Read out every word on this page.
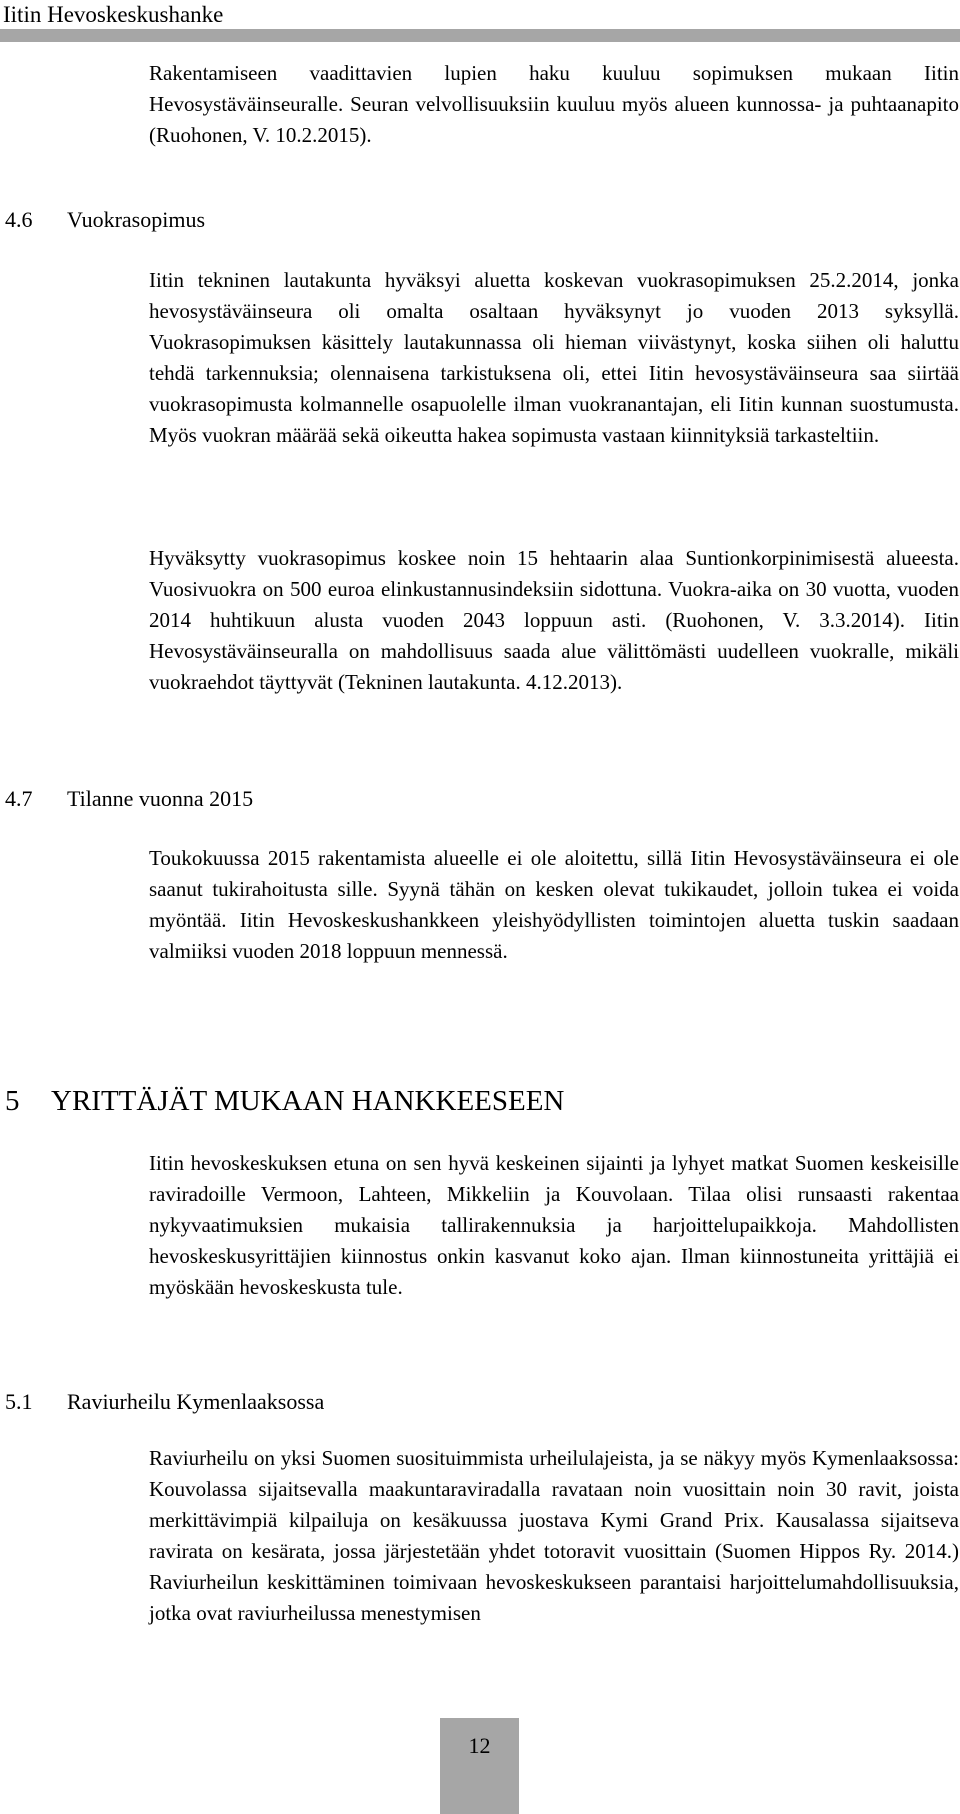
Iitin Hevoskeskushanke

Rakentamiseen vaadittavien lupien haku kuuluu sopimuksen mukaan Iitin Hevosystäväinseuralle. Seuran velvollisuuksiin kuuluu myös alueen kunnossa- ja puhtaanapito (Ruohonen, V. 10.2.2015).

4.6 Vuokrasopimus

Iitin tekninen lautakunta hyväksyi aluetta koskevan vuokrasopimuksen 25.2.2014, jonka hevosystäväinseura oli omalta osaltaan hyväksynyt jo vuoden 2013 syksyllä. Vuokrasopimuksen käsittely lautakunnassa oli hieman viivästynyt, koska siihen oli haluttu tehdä tarkennuksia; olennaisena tarkistuksena oli, ettei Iitin hevosystäväinseura saa siirtää vuokrasopimusta kolmannelle osapuolelle ilman vuokranantajan, eli Iitin kunnan suostumusta. Myös vuokran määrää sekä oikeutta hakea sopimusta vastaan kiinnityksiä tarkasteltiin.

Hyväksytty vuokrasopimus koskee noin 15 hehtaarin alaa Suntionkorpinimisestä alueesta. Vuosivuokra on 500 euroa elinkustannusindeksiin sidottuna. Vuokra-aika on 30 vuotta, vuoden 2014 huhtikuun alusta vuoden 2043 loppuun asti. (Ruohonen, V. 3.3.2014). Iitin Hevosystäväinseuralla on mahdollisuus saada alue välittömästi uudelleen vuokralle, mikäli vuokraehdot täyttyvät (Tekninen lautakunta. 4.12.2013).

4.7 Tilanne vuonna 2015

Toukokuussa 2015 rakentamista alueelle ei ole aloitettu, sillä Iitin Hevosystäväinseura ei ole saanut tukirahoitusta sille. Syynä tähän on kesken olevat tukikaudet, jolloin tukea ei voida myöntää. Iitin Hevoskeskushankkeen yleishyödyllisten toimintojen aluetta tuskin saadaan valmiiksi vuoden 2018 loppuun mennessä.

5 YRITTÄJÄT MUKAAN HANKKEESEEN

Iitin hevoskeskuksen etuna on sen hyvä keskeinen sijainti ja lyhyet matkat Suomen keskeisille raviradoille Vermoon, Lahteen, Mikkeliin ja Kouvolaan. Tilaa olisi runsaasti rakentaa nykyvaatimuksien mukaisia tallirakennuksia ja harjoittelupaikkoja. Mahdollisten hevoskeskusyrittäjien kiinnostus onkin kasvanut koko ajan. Ilman kiinnostuneita yrittäjiä ei myöskään hevoskeskusta tule.

5.1 Raviurheilu Kymenlaaksossa

Raviurheilu on yksi Suomen suosituimmista urheilulajeista, ja se näkyy myös Kymenlaaksossa: Kouvolassa sijaitsevalla maakuntaraviradalla ravataan noin vuosittain noin 30 ravit, joista merkittävimpiä kilpailuja on kesäkuussa juostava Kymi Grand Prix. Kausalassa sijaitseva ravirata on kesärata, jossa järjestetään yhdet totoravit vuosittain (Suomen Hippos Ry. 2014.) Raviurheilun keskittäminen toimivaan hevoskeskukseen parantaisi harjoittelumahdollisuuksia, jotka ovat raviurheilussa menestymisen

12
